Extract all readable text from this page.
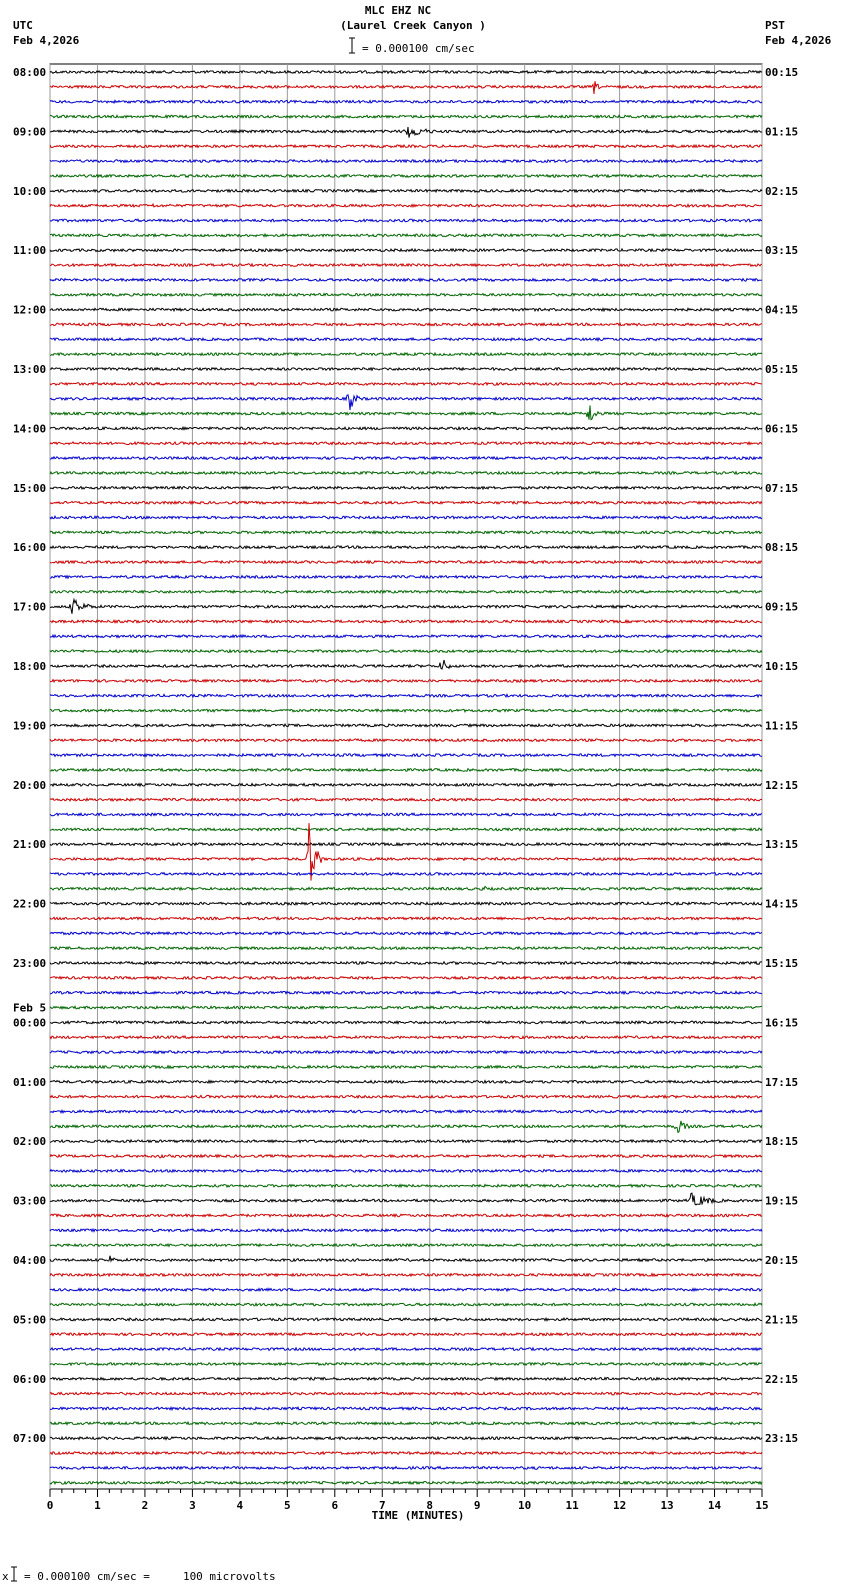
MLC EHZ NC
(Laurel Creek Canyon )
= 0.000100 cm/sec
UTC
Feb 4,2026
PST
Feb 4,2026
08:00
09:00
10:00
11:00
12:00
13:00
14:00
15:00
16:00
17:00
18:00
19:00
20:00
21:00
22:00
23:00
00:00
01:00
02:00
03:00
04:00
05:00
06:00
07:00
Feb 5
00:15
01:15
02:15
03:15
04:15
05:15
06:15
07:15
08:15
09:15
10:15
11:15
12:15
13:15
14:15
15:15
16:15
17:15
18:15
19:15
20:15
21:15
22:15
23:15
0	1	2	3	4	5	6	7	8	9	10	11	12	13	14	15
TIME (MINUTES)
x = 0.000100 cm/sec =     100 microvolts
